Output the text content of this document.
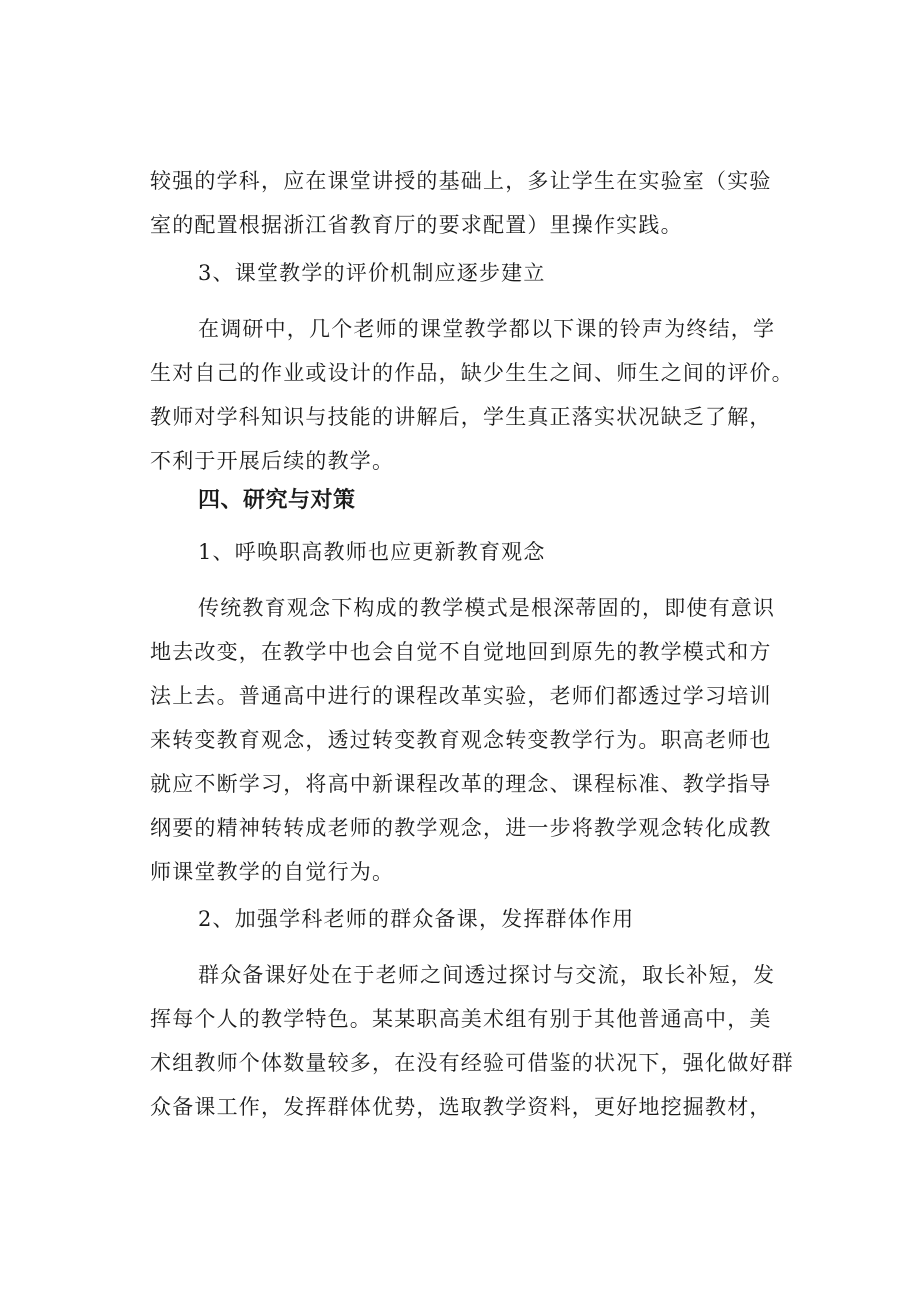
较强的学科，应在课堂讲授的基础上，多让学生在实验室（实验
室的配置根据浙江省教育厅的要求配置）里操作实践。
3、课堂教学的评价机制应逐步建立
在调研中，几个老师的课堂教学都以下课的铃声为终结，学
生对自己的作业或设计的作品，缺少生生之间、师生之间的评价。
教师对学科知识与技能的讲解后，学生真正落实状况缺乏了解，
不利于开展后续的教学。
四、研究与对策
1、呼唤职高教师也应更新教育观念
传统教育观念下构成的教学模式是根深蒂固的，即使有意识
地去改变，在教学中也会自觉不自觉地回到原先的教学模式和方
法上去。普通高中进行的课程改革实验，老师们都透过学习培训
来转变教育观念，透过转变教育观念转变教学行为。职高老师也
就应不断学习，将高中新课程改革的理念、课程标准、教学指导
纲要的精神转转成老师的教学观念，进一步将教学观念转化成教
师课堂教学的自觉行为。
2、加强学科老师的群众备课，发挥群体作用
群众备课好处在于老师之间透过探讨与交流，取长补短，发
挥每个人的教学特色。某某职高美术组有别于其他普通高中，美
术组教师个体数量较多，在没有经验可借鉴的状况下，强化做好群
众备课工作，发挥群体优势，选取教学资料，更好地挖掘教材，
